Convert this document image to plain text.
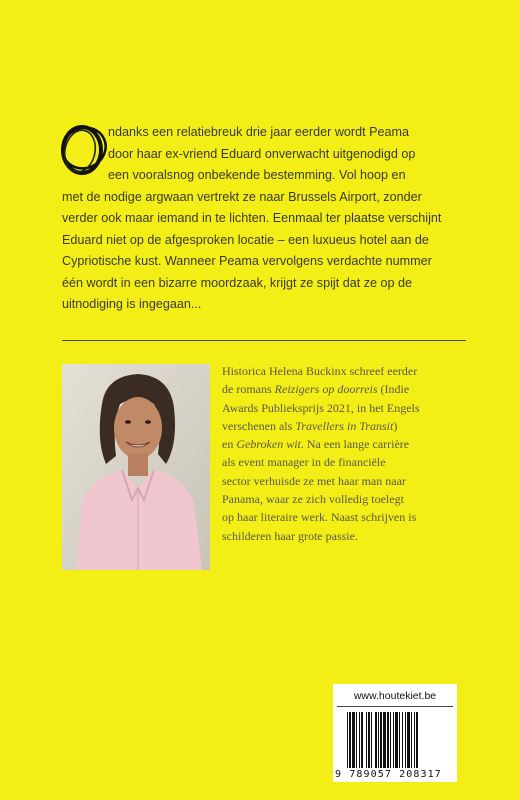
ndanks een relatiebreuk drie jaar eerder wordt Peama
door haar ex-vriend Eduard onverwacht uitgenodigd op
een vooralsnog onbekende bestemming. Vol hoop en
met de nodige argwaan vertrekt ze naar Brussels Airport, zonder
verder ook maar iemand in te lichten. Eenmaal ter plaatse verschijnt
Eduard niet op de afgesproken locatie – een luxueus hotel aan de
Cypriotische kust. Wanneer Peama vervolgens verdachte nummer
één wordt in een bizarre moordzaak, krijgt ze spijt dat ze op de
uitnodiging is ingegaan...
Historica Helena Buckinx schreef eerder
de romans Reizigers op doorreis (Indie
Awards Publieksprijs 2021, in het Engels
verschenen als Travellers in Transit)
en Gebroken wit. Na een lange carrière
als event manager in de financiële
sector verhuisde ze met haar man naar
Panama, waar ze zich volledig toelegt
op haar literaire werk. Naast schrijven is
schilderen haar grote passie.
www.houtekiet.be
9 789057 208317
